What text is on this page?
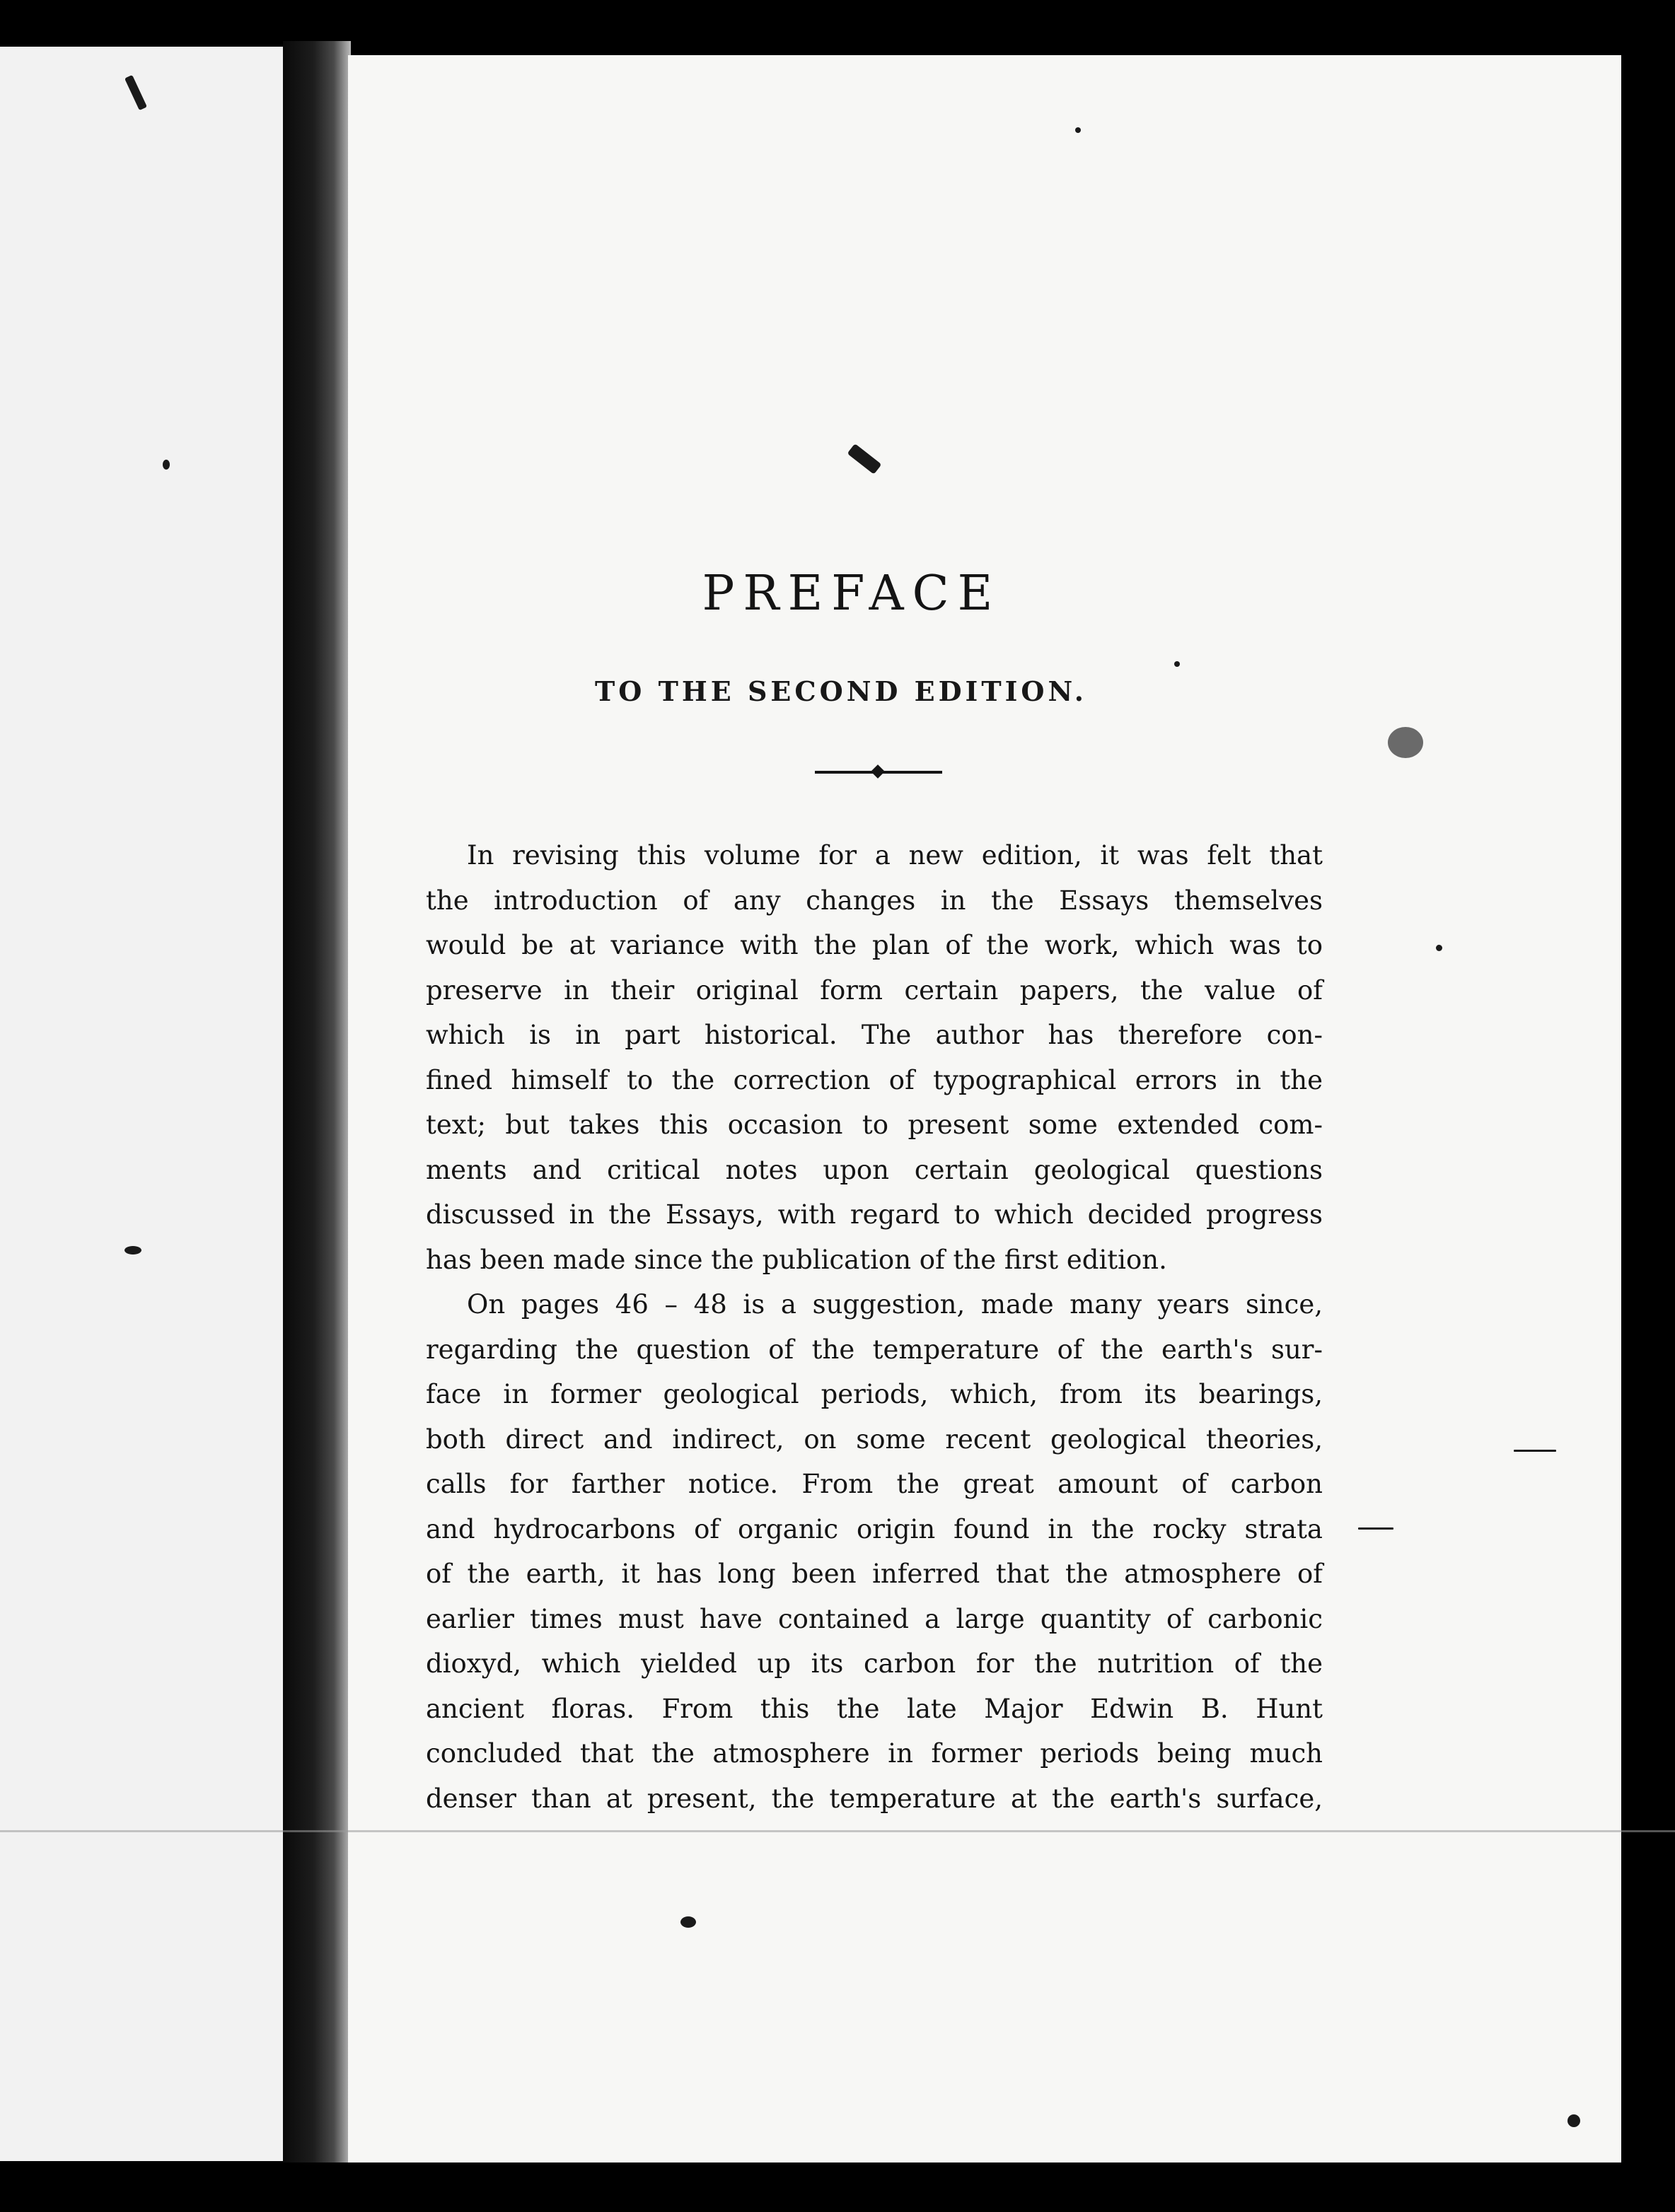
PREFACE
TO THE SECOND EDITION.
In revising this volume for a new edition, it was felt that
the introduction of any changes in the Essays themselves
would be at variance with the plan of the work, which was to
preserve in their original form certain papers, the value of
which is in part historical. The author has therefore con-
fined himself to the correction of typographical errors in the
text; but takes this occasion to present some extended com-
ments and critical notes upon certain geological questions
discussed in the Essays, with regard to which decided progress
has been made since the publication of the first edition.
On pages 46 – 48 is a suggestion, made many years since,
regarding the question of the temperature of the earth's sur-
face in former geological periods, which, from its bearings,
both direct and indirect, on some recent geological theories,
calls for farther notice. From the great amount of carbon
and hydrocarbons of organic origin found in the rocky strata
of the earth, it has long been inferred that the atmosphere of
earlier times must have contained a large quantity of carbonic
dioxyd, which yielded up its carbon for the nutrition of the
ancient floras. From this the late Major Edwin B. Hunt
concluded that the atmosphere in former periods being much
denser than at present, the temperature at the earth's surface,
